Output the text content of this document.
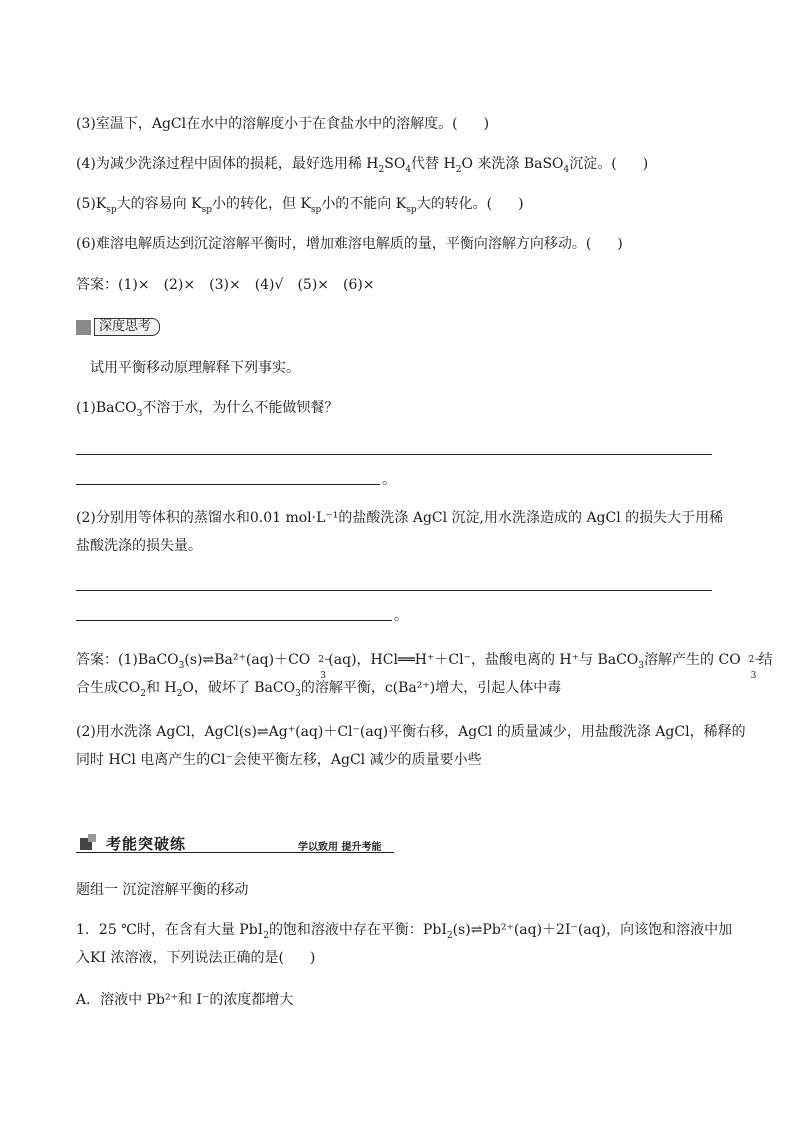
(3)室温下，AgCl在水中的溶解度小于在食盐水中的溶解度。( )
(4)为减少洗涤过程中固体的损耗，最好选用稀 $H_2SO_4$代替 $H_2O$ 来洗涤 BaSO$_4$沉淀。( )
$(5)K_{sp}$大的容易向 $K_{sp}$小的转化，但 $K_{sp}$小的不能向 $K_{sp}$大的转化。( )
(6)难溶电解质达到沉淀溶解平衡时，增加难溶电解质的量，平衡向溶解方向移动。( )
答案：(1)× (2)× (3)× (4)√ (5)× (6)×
深度思考
试用平衡移动原理解释下列事实。
(1)BaCO$_3$不溶于水，为什么不能做钡餐？
。
(2)分别用等体积的蒸馏水和0.01 mol·L⁻¹的盐酸洗涤 AgCl 沉淀,用水洗涤造成的 AgCl 的损失大于用稀
盐酸洗涤的损失量。
。
答案：(1)BaCO$_3$(s)⇌Ba²⁺(aq)＋CO 2−
3
(aq)，HCl══H⁺＋Cl⁻，盐酸电离的 H⁺与 BaCO$_3$溶解产生的 CO 2−
3
结
合生成$CO_2$和 $H_2O$，破坏了 BaCO$_3$的溶解平衡，c(Ba²⁺)增大，引起人体中毒
(2)用水洗涤 AgCl，AgCl(s)⇌Ag⁺(aq)＋Cl⁻(aq)平衡右移，AgCl 的质量减少，用盐酸洗涤 AgCl，稀释的
同时 HCl 电离产生的Cl⁻会使平衡左移，AgCl 减少的质量要小些
考能突破练	学以致用 提升考能
题组一 沉淀溶解平衡的移动
1．25 ℃时，在含有大量 PbI$_2$的饱和溶液中存在平衡：PbI$_2$(s)⇌Pb²⁺(aq)＋2I⁻(aq)，向该饱和溶液中加
入KI 浓溶液，下列说法正确的是( )
A．溶液中 Pb²⁺和 I⁻的浓度都增大
